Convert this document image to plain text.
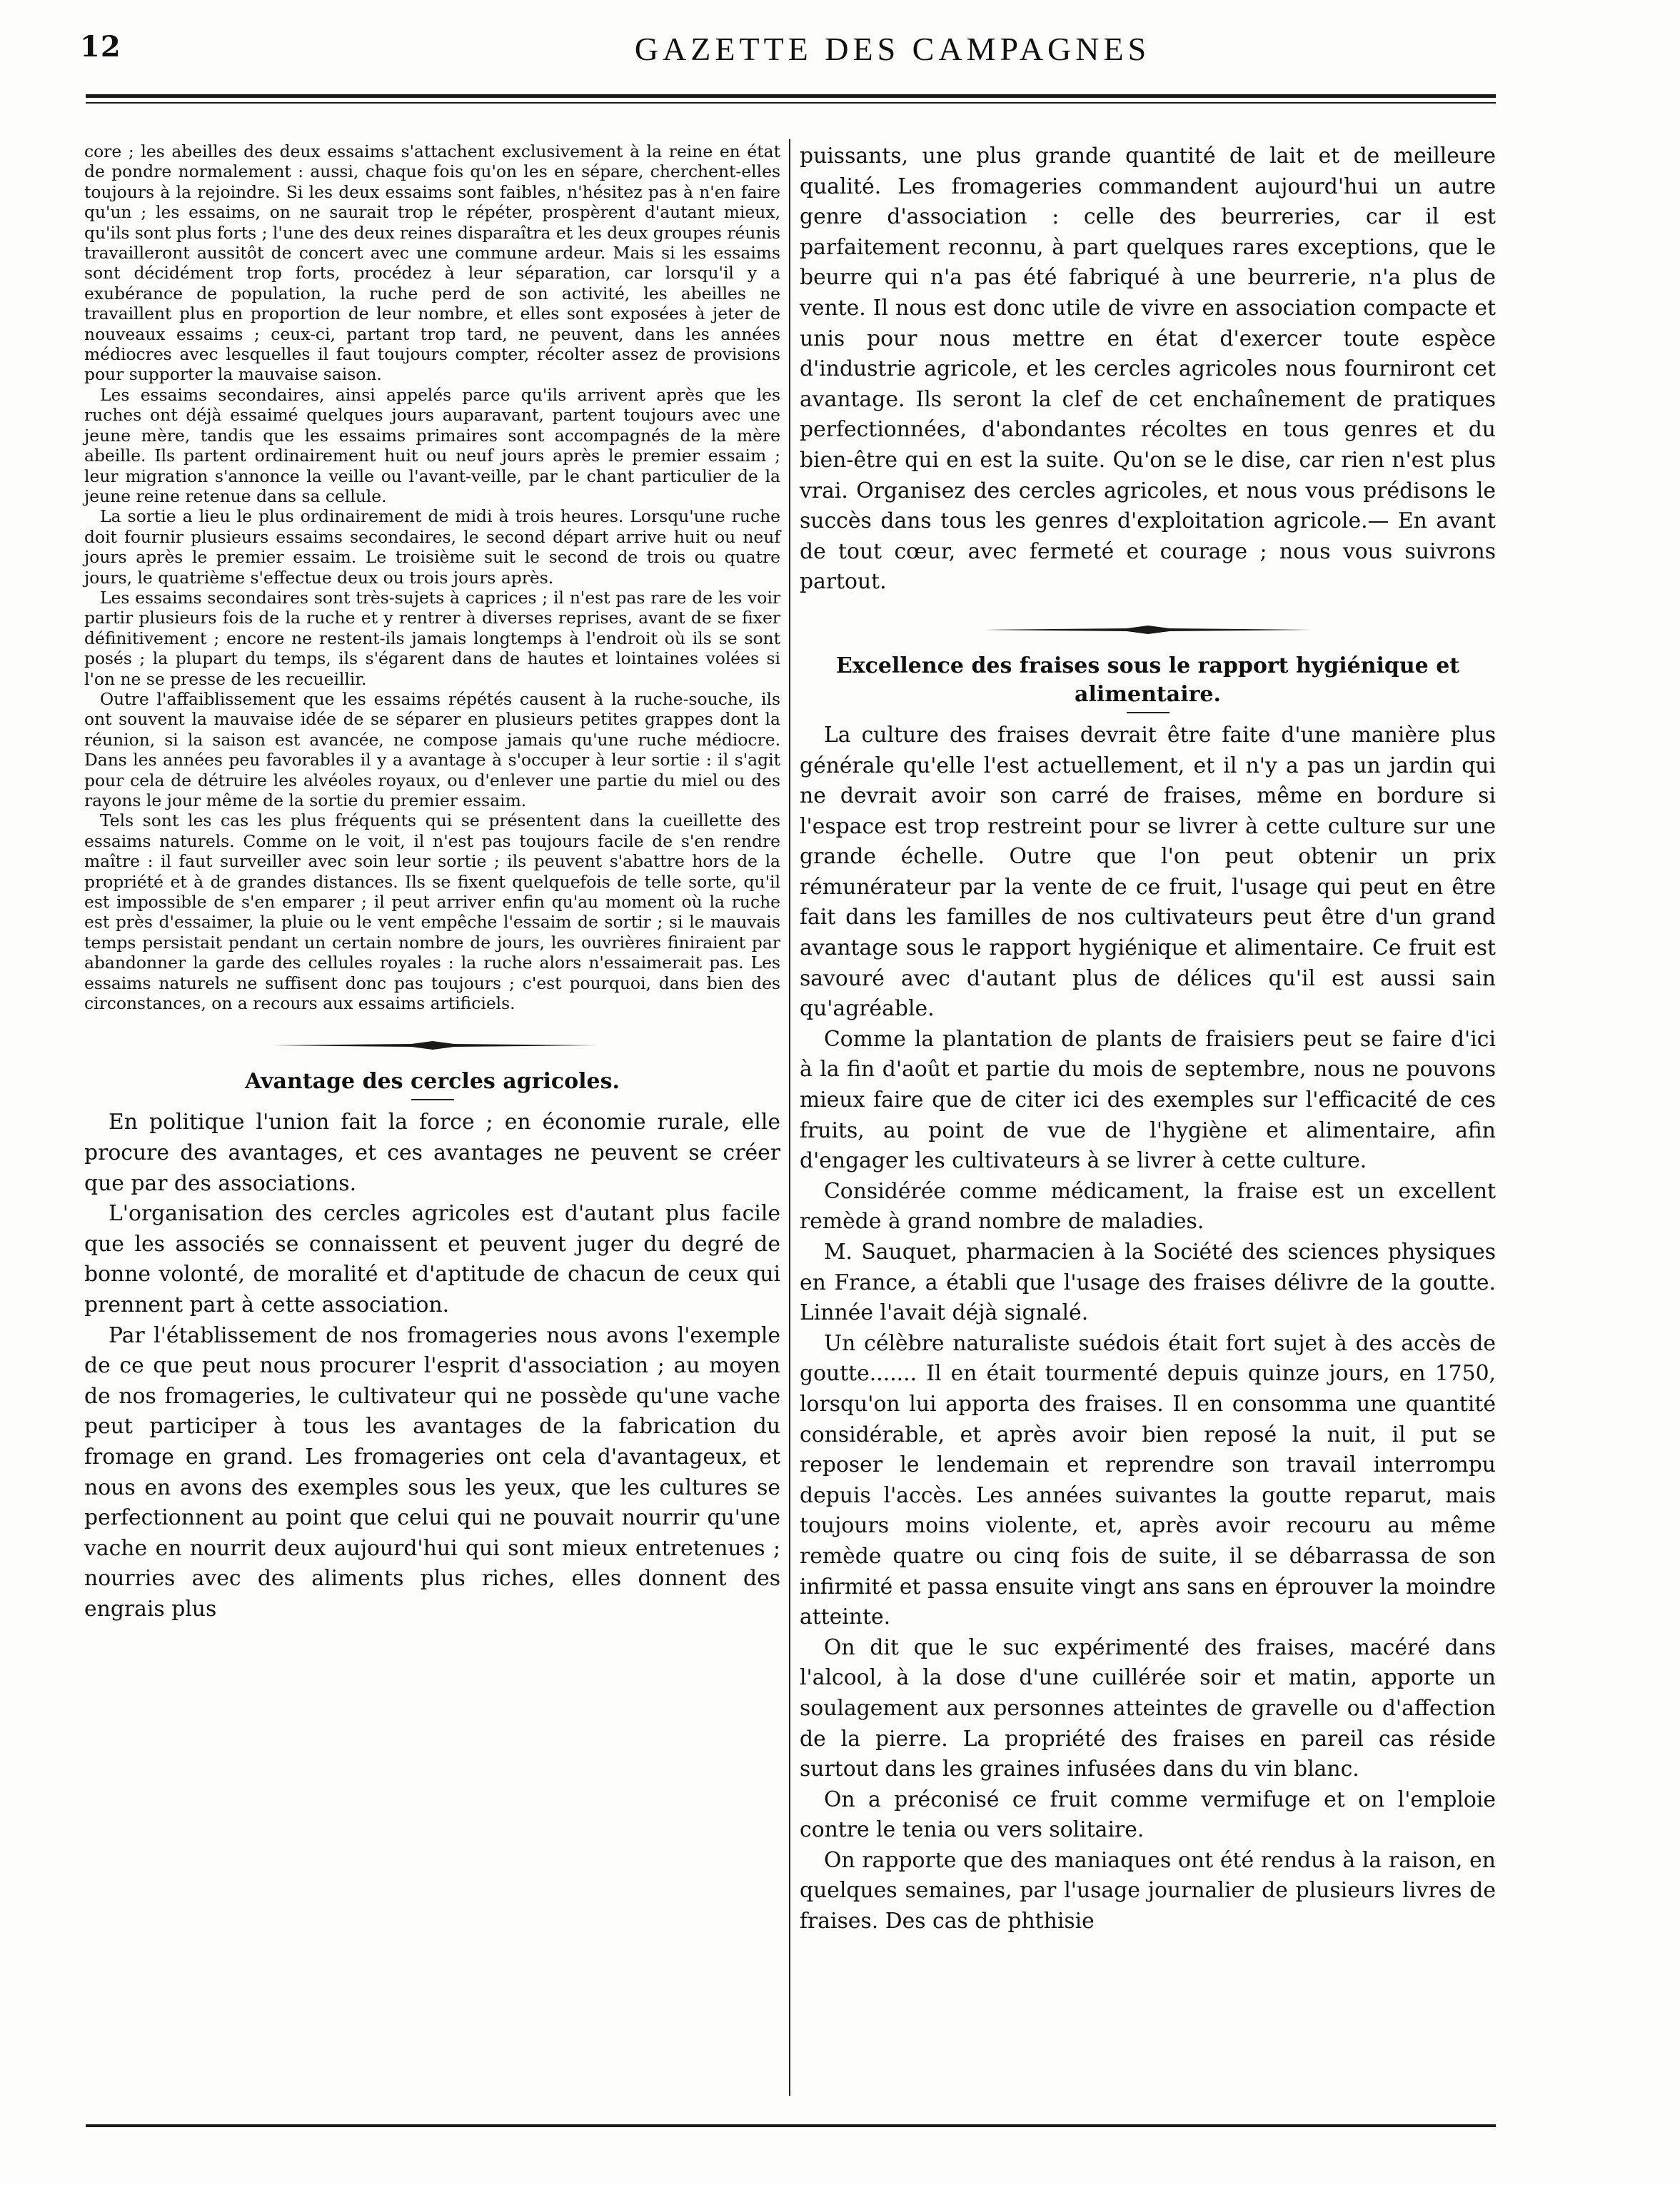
12	GAZETTE DES CAMPAGNES

core ; les abeilles des deux essaims s'attachent exclusivement à la reine en état de pondre normalement : aussi, chaque fois qu'on les en sépare, cherchent-elles toujours à la rejoindre. Si les deux essaims sont faibles, n'hésitez pas à n'en faire qu'un ; les essaims, on ne saurait trop le répéter, prospèrent d'autant mieux, qu'ils sont plus forts ; l'une des deux reines disparaîtra et les deux groupes réunis travailleront aussitôt de concert avec une commune ardeur. Mais si les essaims sont décidément trop forts, procédez à leur séparation, car lorsqu'il y a exubérance de population, la ruche perd de son activité, les abeilles ne travaillent plus en proportion de leur nombre, et elles sont exposées à jeter de nouveaux essaims ; ceux-ci, partant trop tard, ne peuvent, dans les années médiocres avec lesquelles il faut toujours compter, récolter assez de provisions pour supporter la mauvaise saison.

Les essaims secondaires, ainsi appelés parce qu'ils arrivent après que les ruches ont déjà essaimé quelques jours auparavant, partent toujours avec une jeune mère, tandis que les essaims primaires sont accompagnés de la mère abeille. Ils partent ordinairement huit ou neuf jours après le premier essaim ; leur migration s'annonce la veille ou l'avant-veille, par le chant particulier de la jeune reine retenue dans sa cellule.

La sortie a lieu le plus ordinairement de midi à trois heures. Lorsqu'une ruche doit fournir plusieurs essaims secondaires, le second départ arrive huit ou neuf jours après le premier essaim. Le troisième suit le second de trois ou quatre jours, le quatrième s'effectue deux ou trois jours après.

Les essaims secondaires sont très-sujets à caprices ; il n'est pas rare de les voir partir plusieurs fois de la ruche et y rentrer à diverses reprises, avant de se fixer définitivement ; encore ne restent-ils jamais longtemps à l'endroit où ils se sont posés ; la plupart du temps, ils s'égarent dans de hautes et lointaines volées si l'on ne se presse de les recueillir.

Outre l'affaiblissement que les essaims répétés causent à la ruche-souche, ils ont souvent la mauvaise idée de se séparer en plusieurs petites grappes dont la réunion, si la saison est avancée, ne compose jamais qu'une ruche médiocre. Dans les années peu favorables il y a avantage à s'occuper à leur sortie : il s'agit pour cela de détruire les alvéoles royaux, ou d'enlever une partie du miel ou des rayons le jour même de la sortie du premier essaim.

Tels sont les cas les plus fréquents qui se présentent dans la cueillette des essaims naturels. Comme on le voit, il n'est pas toujours facile de s'en rendre maître : il faut surveiller avec soin leur sortie ; ils peuvent s'abattre hors de la propriété et à de grandes distances. Ils se fixent quelquefois de telle sorte, qu'il est impossible de s'en emparer ; il peut arriver enfin qu'au moment où la ruche est près d'essaimer, la pluie ou le vent empêche l'essaim de sortir ; si le mauvais temps persistait pendant un certain nombre de jours, les ouvrières finiraient par abandonner la garde des cellules royales : la ruche alors n'essaimerait pas. Les essaims naturels ne suffisent donc pas toujours ; c'est pourquoi, dans bien des circonstances, on a recours aux essaims artificiels.

Avantage des cercles agricoles.

En politique l'union fait la force ; en économie rurale, elle procure des avantages, et ces avantages ne peuvent se créer que par des associations.

L'organisation des cercles agricoles est d'autant plus facile que les associés se connaissent et peuvent juger du degré de bonne volonté, de moralité et d'aptitude de chacun de ceux qui prennent part à cette association.

Par l'établissement de nos fromageries nous avons l'exemple de ce que peut nous procurer l'esprit d'association ; au moyen de nos fromageries, le cultivateur qui ne possède qu'une vache peut participer à tous les avantages de la fabrication du fromage en grand. Les fromageries ont cela d'avantageux, et nous en avons des exemples sous les yeux, que les cultures se perfectionnent au point que celui qui ne pouvait nourrir qu'une vache en nourrit deux aujourd'hui qui sont mieux entretenues ; nourries avec des aliments plus riches, elles donnent des engrais plus

puissants, une plus grande quantité de lait et de meilleure qualité. Les fromageries commandent aujourd'hui un autre genre d'association : celle des beurreries, car il est parfaitement reconnu, à part quelques rares exceptions, que le beurre qui n'a pas été fabriqué à une beurrerie, n'a plus de vente. Il nous est donc utile de vivre en association compacte et unis pour nous mettre en état d'exercer toute espèce d'industrie agricole, et les cercles agricoles nous fourniront cet avantage. Ils seront la clef de cet enchaînement de pratiques perfectionnées, d'abondantes récoltes en tous genres et du bien-être qui en est la suite. Qu'on se le dise, car rien n'est plus vrai. Organisez des cercles agricoles, et nous vous prédisons le succès dans tous les genres d'exploitation agricole.— En avant de tout cœur, avec fermeté et courage ; nous vous suivrons partout.

Excellence des fraises sous le rapport hygiénique et alimentaire.

La culture des fraises devrait être faite d'une manière plus générale qu'elle l'est actuellement, et il n'y a pas un jardin qui ne devrait avoir son carré de fraises, même en bordure si l'espace est trop restreint pour se livrer à cette culture sur une grande échelle. Outre que l'on peut obtenir un prix rémunérateur par la vente de ce fruit, l'usage qui peut en être fait dans les familles de nos cultivateurs peut être d'un grand avantage sous le rapport hygiénique et alimentaire. Ce fruit est savouré avec d'autant plus de délices qu'il est aussi sain qu'agréable.

Comme la plantation de plants de fraisiers peut se faire d'ici à la fin d'août et partie du mois de septembre, nous ne pouvons mieux faire que de citer ici des exemples sur l'efficacité de ces fruits, au point de vue de l'hygiène et alimentaire, afin d'engager les cultivateurs à se livrer à cette culture.

Considérée comme médicament, la fraise est un excellent remède à grand nombre de maladies.

M. Sauquet, pharmacien à la Société des sciences physiques en France, a établi que l'usage des fraises délivre de la goutte. Linnée l'avait déjà signalé.

Un célèbre naturaliste suédois était fort sujet à des accès de goutte....... Il en était tourmenté depuis quinze jours, en 1750, lorsqu'on lui apporta des fraises. Il en consomma une quantité considérable, et après avoir bien reposé la nuit, il put se reposer le lendemain et reprendre son travail interrompu depuis l'accès. Les années suivantes la goutte reparut, mais toujours moins violente, et, après avoir recouru au même remède quatre ou cinq fois de suite, il se débarrassa de son infirmité et passa ensuite vingt ans sans en éprouver la moindre atteinte.

On dit que le suc expérimenté des fraises, macéré dans l'alcool, à la dose d'une cuillérée soir et matin, apporte un soulagement aux personnes atteintes de gravelle ou d'affection de la pierre. La propriété des fraises en pareil cas réside surtout dans les graines infusées dans du vin blanc.

On a préconisé ce fruit comme vermifuge et on l'emploie contre le tenia ou vers solitaire.

On rapporte que des maniaques ont été rendus à la raison, en quelques semaines, par l'usage journalier de plusieurs livres de fraises. Des cas de phthisie
